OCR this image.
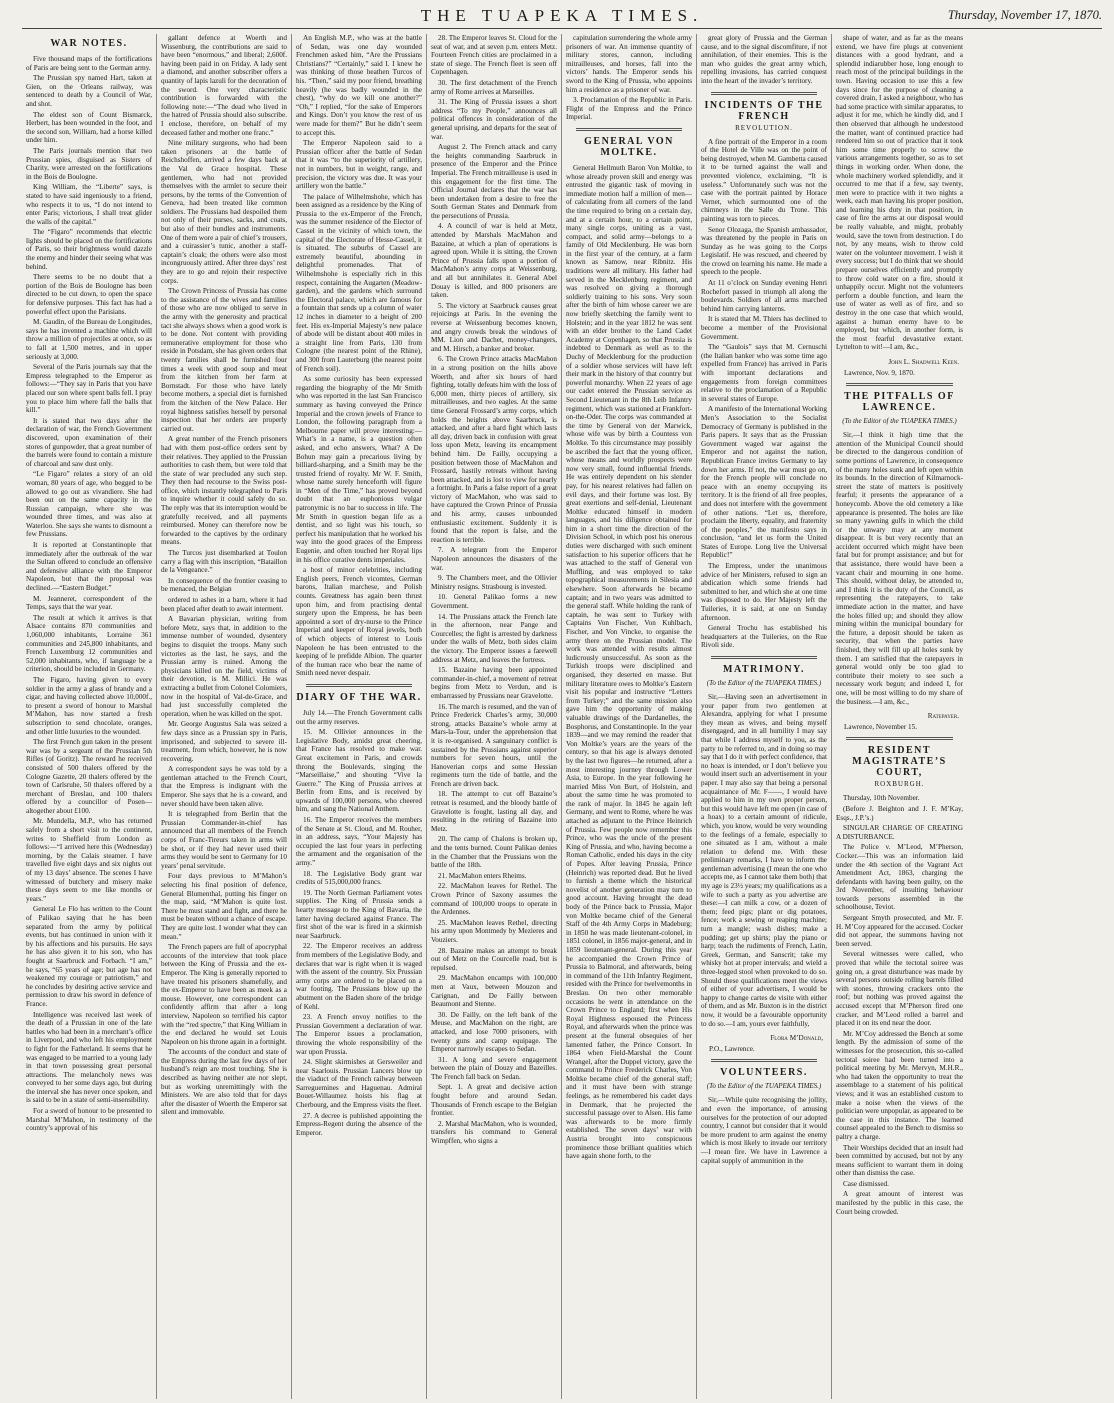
THE TUAPEKA TIMES.	Thursday, November 17, 1870.
WAR NOTES.

Five thousand maps of the fortifications of Paris are being sent to the German army.

The Prussian spy named Hart, taken at Gien, on the Orleans railway, was sentenced to death by a Council of War, and shot.

The eldest son of Count Bismarck, Herbert, has been wounded in the foot, and the second son, William, had a horse killed under him.

The Paris journals mention that two Prussian spies, disguised as Sisters of Charity, were arrested on the fortifications in the Bois de Boulogne.

King William, the “Liberte” says, is stated to have said ingeniously to a friend, who respects it to us, “I do not intend to enter Paris; victorious, I shall treat glider the walls of the capital.”

The “Figaro” recommends that electric lights should be placed on the fortifications of Paris, so their brightness would dazzle the enemy and hinder their seeing what was behind.

There seems to be no doubt that a portion of the Bois de Boulogne has been directed to be cut down, to open the space for defensive purposes. This fact has had a powerful effect upon the Parisians.

M. Gaudin, of the Bureau de Longitudes, says he has invented a machine which will throw a million of projectiles at once, so as to fall at 1,500 metres, and in upper seriously at 3,000.

Several of the Paris journals say that the Empress telegraphed to the Emperor as follows:—“They say in Paris that you have placed our son where spent balls fell. I pray you to place him where fall the balls that kill.”

It is stated that two days after the declaration of war, the French Government discovered, upon examination of their stores of gunpowder, that a great number of the barrels were found to contain a mixture of charcoal and saw dust only.

“Le Figaro” relates a story of an old woman, 80 years of age, who begged to be allowed to go out as vivandiere. She had been out on the same capacity in the Russian campaign, where she was wounded three times, and was also at Waterloo. She says she wants to dismount a few Prussians.

It is reported at Constantinople that immediately after the outbreak of the war the Sultan offered to conclude an offensive and defensive alliance with the Emperor Napoleon, but that the proposal was declined.—“Eastern Budget.”

M. Jeanneret, correspondent of the Temps, says that the war year.

The result at which it arrives is that Alsace contains 870 communities and 1,060,000 inhabitants, Lorraine 361 communities and 245,800 inhabitants, and French Luxemburg 12 communities and 52,000 inhabitants, who, if language be a criterion, should be included in Germany.

The Figaro, having given to every soldier in the army a glass of brandy and a cigar, and having collected above 10,000f., to present a sword of honour to Marshal M’Mahon, has now started a fresh subscription to send chocolate, oranges, and other little luxuries to the wounded.

The first French gun taken in the present war was by a sergeant of the Prussian 5th Rifles (of Goritz). The reward he received consisted of 500 thalers offered by the Cologne Gazette, 20 thalers offered by the town of Carlsruhe, 50 thalers offered by a merchant of Breslau, and 100 thalers offered by a councillor of Posen—altogether about £100.

Mr. Mundella, M.P., who has returned safely from a short visit to the continent, writes to Sheffield from London as follows:—“I arrived here this (Wednesday) morning, by the Calais steamer. I have travelled five eight days and six nights out of my 13 days’ absence. The scenes I have witnessed of butchery and misery make these days seem to me like months or years.”

General Le Flo has written to the Count of Palikao saying that he has been separated from the army by political events, but has continued in union with it by his affections and his pursuits. He says he has also given it to his son, who has fought at Saarbruck and Forbach. “I am,” he says, “65 years of age; but age has not weakened my courage or patriotism,” and he concludes by desiring active service and permission to draw his sword in defence of France.

Intelligence was received last week of the death of a Prussian in one of the late battles who had been in a merchant’s office in Liverpool, and who left his employment to fight for the Fatherland. It seems that he was engaged to be married to a young lady in that town possessing great personal attractions. The melancholy news was conveyed to her some days ago, but during the interval she has never once spoken, and is said to be in a state of semi-insensibility.

For a sword of honour to be presented to Marshal M’Mahon, in testimony of the country’s approval of his

gallant defence at Woerth and Wissenburg, the contributions are said to have been “enormous,” and liberal; 2,600f. having been paid in on Friday. A lady sent a diamond, and another subscriber offers a quantity of lapis lazuli for the decoration of the sword. One very characteristic contribution is forwarded with the following note:—“The dead who lived in the hatred of Prussia should also subscribe. I enclose, therefore, on behalf of my deceased father and mother one franc.”

Nine military surgeons, who had been taken prisoners at the battle of Reichshoffen, arrived a few days back at the Val de Grace hospital. These gentlemen, who had not provided themselves with the armlet to secure their persons, by the terms of the Convention of Geneva, had been treated like common soldiers. The Prussians had despoiled them not only of their purses, sacks, and coats, but also of their bundles and instruments. One of them wore a pair of chief’s trousers, and a cuirassier’s tunic, another a staff-captain’s cloak; the others were also most incongruously attired. After three days’ rest they are to go and rejoin their respective corps.

The Crown Princess of Prussia has come to the assistance of the wives and families of those who are now obliged to serve in the army with the generosity and practical tact she always shows when a good work is to be done. Not content with providing remunerative employment for those who reside in Potsdam, she has given orders that twenty families shall be furnished four times a week with good soup and meat from the kitchen from her farm at Bornstadt. For those who have lately become mothers, a special diet is furnished from the kitchen of the New Palace. Her royal highness satisfies herself by personal inspection that her orders are properly carried out.

A great number of the French prisoners had with them post-office orders sent by their relatives. They applied to the Prussian authorities to cash them, but were told that the state of war precluded any such step. They then had recourse to the Swiss post-office, which instantly telegraphed to Paris to inquire whether it could safely do so. The reply was that its interruption would be gratefully received, and all payments reimbursed. Money can therefore now be forwarded to the captives by the ordinary means.

The Turcos just disembarked at Toulon carry a flag with this inscription, “Bataillon de la Vengeance.”

In consequence of the frontier ceasing to be menaced, the Belgian

ordered to ashes in a barn, where it had been placed after death to await interment.

A Bavarian physician, writing from before Metz, says that, in addition to the immense number of wounded, dysentery begins to disquiet the troops. Many such victories as the last, he says, and the Prussian army is ruined. Among the physicians killed on the field, victims of their devotion, is M. Millici. He was extracting a bullet from Colonel Colomiers, now in the hospital of Val-de-Grace, and had just successfully completed the operation, when he was killed on the spot.

Mr. George Augustus Sala was seized a few days since as a Prussian spy in Paris, imprisoned, and subjected to severe ill-treatment, from which, however, he is now recovering.

A correspondent says he was told by a gentleman attached to the French Court, that the Empress is indignant with the Emperor. She says that he is a coward, and never should have been taken alive.

It is telegraphed from Berlin that the Prussian Commander-in-chief has announced that all members of the French corps of Franc-Tireurs taken in arms will be shot, or if they had never used their arms they would be sent to Germany for 10 years’ penal servitude.

Four days previous to M’Mahon’s selecting his final position of defence, General Blumenthal, putting his finger on the map, said, “M’Mahon is quite lost. There he must stand and fight, and there he must be beaten without a chance of escape. They are quite lost. I wonder what they can mean.”

The French papers are full of apocryphal accounts of the interview that took place between the King of Prussia and the ex-Emperor. The King is generally reported to have treated his prisoners shamefully, and the ex-Emperor to have been as meek as a mouse. However, one correspondent can confidently affirm that after a long interview, Napoleon so terrified his captor with the “red spectre,” that King William in the end declared he would set Louis Napoleon on his throne again in a fortnight.

The accounts of the conduct and state of the Empress during the last few days of her husband’s reign are most touching. She is described as having neither ate nor slept, but as working unremittingly with the Ministers. We are also told that for days after the disaster of Woerth the Emperor sat silent and immovable.

An English M.P., who was at the battle of Sedan, was one day wounded Frenchmen asked him, “Are the Prussians Christians?” “Certainly,” said I. I knew he was thinking of those heathen Turcos of his. “Then,” said my poor friend, breathing heavily (he was badly wounded in the chest), “why do we kill one another?” “Oh,” I replied, “for the sake of Emperors and Kings. Don’t you know the rest of us were made for them?” But he didn’t seem to accept this.

The Emperor Napoleon said to a Prussian officer after the battle of Sedan that it was “to the superiority of artillery, not in numbers, but in weight, range, and precision, the victory was due. It was your artillery won the battle.”

The palace of Wilhelmshohe, which has been assigned as a residence by the King of Prussia to the ex-Emperor of the French, was the summer residence of the Elector of Cassel in the vicinity of which town, the capital of the Electorate of Hesse-Cassel, it is situated. The suburbs of Cassel are extremely beautiful, abounding in delightful promenades. That of Wilhelmshohe is especially rich in this respect, containing the Augarten (Meadow-garden), and the gardens which surround the Electoral palace, which are famous for a fountain that sends up a column of water 12 inches in diameter to a height of 200 feet. His ex-Imperial Majesty’s new palace of abode will be distant about 400 miles in a straight line from Paris, 130 from Cologne (the nearest point of the Rhine), and 300 from Lauterburg (the nearest point of French soil).

As some curiosity has been expressed regarding the biography of the Mr Smith who was reported in the last San Francisco summary as having conveyed the Prince Imperial and the crown jewels of France to London, the following paragraph from a Melbourne paper will prove interesting:—What’s in a name, is a question often asked, and echo answers, What? A De Bohun may gain a precarious living by billiard-sharping, and a Smith may be the trusted friend of royalty. Mr W. F. Smith, whose name surely henceforth will figure in “Men of the Time,” has proved beyond doubt that an euphonious vulgar patronymic is no bar to success in life. The Mr Smith in question began life as a dentist, and so light was his touch, so perfect his manipulation that he worked his way into the good graces of the Empress Eugenie, and often touched her Royal lips in his office curative dents imperiales.

a host of minor celebrities, including English peers, French vicomtes, German barons, Italian marchese, and Polish counts. Greatness has again been thrust upon him, and from practising dental surgery upon the Empress, he has been appointed a sort of dry-nurse to the Prince Imperial and keeper of Royal jewels, both of which objects of interest to Louis Napoleon he has been entrusted to the keeping of le prefidde Albion. The quarter of the human race who bear the name of Smith need never despair.

DIARY OF THE WAR.

July 14.—The French Government calls out the army reserves.

15. M. Ollivier announces in the Legislative Body, amidst great cheering, that France has resolved to make war. Great excitement in Paris, and crowds throng the Boulevards, singing the “Marseillaise,” and shouting “Vive la Guerre.” The King of Prussia arrives at Berlin from Ems, and is received by upwards of 100,000 persons, who cheered him, and sang the National Anthem.

16. The Emperor receives the members of the Senate at St. Cloud, and M. Rouher, in an address, says, “Your Majesty has occupied the last four years in perfecting the armament and the organisation of the army.”

18. The Legislative Body grant war credits of 515,000,000 francs.

19. The North German Parliament votes supplies. The King of Prussia sends a hearty message to the King of Bavaria, the latter having declared against France. The first shot of the war is fired in a skirmish near Saarbruck.

22. The Emperor receives an address from members of the Legislative Body, and declares that war is right when it is waged with the assent of the country. Six Prussian army corps are ordered to be placed on a war footing. The Prussians blow up the abutment on the Baden shore of the bridge of Kehl.

23. A French envoy notifies to the Prussian Government a declaration of war. The Emperor issues a proclamation, throwing the whole responsibility of the war upon Prussia.

24. Slight skirmishes at Gersweiler and near Saarlouis. Prussian Lancers blow up the viaduct of the French railway between Sarreguemines and Haguenau. Admiral Bouet-Willaumez hoists his flag at Cherbourg, and the Empress visits the fleet.

27. A decree is published appointing the Empress-Regent during the absence of the Emperor.

28. The Emperor leaves St. Cloud for the seat of war, and at seven p.m. enters Metz. Fourteen French cities are proclaimed in a state of siege. The French fleet is seen off Copenhagen.

30. The first detachment of the French army of Rome arrives at Marseilles.

31. The King of Prussia issues a short address “To my People,” announces all political offences in consideration of the general uprising, and departs for the seat of war.

August 2. The French attack and carry the heights commanding Saarbruck in presence of the Emperor and the Prince Imperial. The French mitrailleuse is used in this engagement for the first time. The Official Journal declares that the war has been undertaken from a desire to free the South German States and Denmark from the persecutions of Prussia.

4. A council of war is held at Metz, attended by Marshals MacMahon and Bazaine, at which a plan of operations is agreed upon. While it is sitting, the Crown Prince of Prussia falls upon a portion of MacMahon’s army corps at Weissenburg, and all but annihilates it. General Abel Douay is killed, and 800 prisoners are taken.

5. The victory at Saarbruck causes great rejoicings at Paris. In the evening the reverse at Weissenburg becomes known, and angry crowds break the windows of MM. Lion and Dachet, money-changers, and M. Hirsch, a banker and broker.

6. The Crown Prince attacks MacMahon in a strong position on the hills above Woerth, and after six hours of hard fighting, totally defeats him with the loss of 6,000 men, thirty pieces of artillery, six mitrailleuses, and two eagles. At the same time General Frossard’s army corps, which holds the heights above Saarbruck, is attacked, and after a hard fight which lasts all day, driven back in confusion with great loss upon Metz, leaving its encampment behind him. De Failly, occupying a position between those of MacMahon and Frossard, hastily retreats without having been attacked, and is lost to view for nearly a fortnight. In Paris a false report of a great victory of MacMahon, who was said to have captured the Crown Prince of Prussia and his army, causes unbounded enthusiastic excitement. Suddenly it is found that the report is false, and the reaction is terrible.

7. A telegram from the Emperor Napoleon announces the disasters of the war.

9. The Chambers meet, and the Ollivier Ministry resigns. Strasbourg is invested.

10. General Palikao forms a new Government.

14. The Prussians attack the French late in the afternoon, near Pange and Courcelles; the fight is arrested by darkness under the walls of Metz, both sides claim the victory. The Emperor issues a farewell address at Metz, and leaves the fortress.

15. Bazaine having been appointed commander-in-chief, a movement of retreat begins from Metz to Verdun, and is embarrassed by Prussians near Gravelotte.

16. The march is resumed, and the van of Prince Frederick Charles’s army, 30,000 strong, attacks Bazaine’s whole army at Mars-la-Tour, under the apprehension that it is re-organised. A sanguinary conflict is sustained by the Prussians against superior numbers for seven hours, until the Hanoverian corps and some Hessian regiments turn the tide of battle, and the French are driven back.

18. The attempt to cut off Bazaine’s retreat is resumed, and the bloody battle of Gravelotte is fought, lasting all day, and resulting in the retiring of Bazaine into Metz.

20. The camp of Chalons is broken up, and the tents burned. Count Palikao denies in the Chamber that the Prussians won the battle of the 18th.

21. MacMahon enters Rheims.

22. MacMahon leaves for Rethel. The Crown Prince of Saxony assumes the command of 100,000 troops to operate in the Ardennes.

25. MacMahon leaves Rethel, directing his army upon Montmedy by Mezieres and Vouziers.

28. Bazaine makes an attempt to break out of Metz on the Courcelle road, but is repulsed.

29. MacMahon encamps with 100,000 men at Vaux, between Mouzon and Carignan, and De Failly between Beaumont and Stenne.

30. De Failly, on the left bank of the Meuse, and MacMahon on the right, are attacked, and lose 7000 prisoners, with twenty guns and camp equipage. The Emperor narrowly escapes to Sedan.

31. A long and severe engagement between the plain of Douzy and Bazeilles. The French fall back on Sedan.

Sept. 1. A great and decisive action fought before and around Sedan. Thousands of French escape to the Belgian frontier.

2. Marshal MacMahon, who is wounded, transfers his command to General Wimpffen, who signs a

capitulation surrendering the whole army prisoners of war. An immense quantity of military stores, cannon, including mitrailleuses, and horses, fall into the victors’ hands. The Emperor sends his sword to the King of Prussia, who appoints him a residence as a prisoner of war.

3. Proclamation of the Republic in Paris. Flight of the Empress and the Prince Imperial.

GENERAL VON MOLTKE.

General Hellmuth Baron Von Moltke, to whose already proven skill and energy was entrusted the gigantic task of moving in immediate motion half a million of men—of calculating from all corners of the land the time required to bring on a certain day, and at a certain hour, to a certain point, many single corps, uniting as a vast, compact, and solid army—belongs to a family of Old Mecklenburg. He was born in the first year of the century, at a farm known as Samow, near Ribnitz. His traditions were all military. His father had served in the Mecklenburg regiment, and was resolved on giving a thorough soldierly training to his sons. Very soon after the birth of him whose career we are now briefly sketching the family went to Holstein; and in the year 1812 he was sent with an elder brother to the Land Cadet Academy at Copenhagen, so that Prussia is indebted to Denmark as well as to the Duchy of Mecklenburg for the production of a soldier whose services will have left their mark in the history of that country but powerful monarchy. When 22 years of age our cadet entered the Prussian service as Second Lieutenant in the 8th Leib Infantry regiment, which was stationed at Frankfort-on-the-Oder. The corps was commanded at the time by General von der Marwick, whose wife was by birth a Countess von Moltke. To this circumstance may possibly be ascribed the fact that the young officer, whose means and worldly prospects were now very small, found influential friends. He was entirely dependent on his slender pay, for his nearest relatives had fallen on evil days, and their fortune was lost. By great exertions and self-denial, Lieutenant Moltke educated himself in modern languages, and his diligence obtained for him in a short time the direction of the Division School, in which post his onerous duties were discharged with such eminent satisfaction to his superior officers that he was attached to the staff of General von Muffling, and was employed to take topographical measurements in Silesia and elsewhere. Soon afterwards he became captain; and in two years was admitted to the general staff. While holding the rank of captain, he was sent to Turkey with Captains Von Fischer, Von Kuhlbach, Fischer, and Von Vincke, to organise the army there on the Prussian model. The work was attended with results almost ludicrously unsuccessful. As soon as the Turkish troops were disciplined and organised, they deserted en masse. But military literature owes to Moltke’s Eastern visit his popular and instructive “Letters from Turkey;” and the same mission also gave him the opportunity of making valuable drawings of the Dardanelles, the Bosphorus, and Constantinople. In the year 1839—and we may remind the reader that Von Moltke’s years are the years of the century, so that his age is always denoted by the last two figures—he returned, after a most interesting journey through Lower Asia, to Europe. In the year following he married Miss Von Burt, of Holstein, and about the same time he was promoted to the rank of major. In 1845 he again left Germany, and went to Rome, where he was attached as adjutant to the Prince Heinrich of Prussia. Few people now remember this Prince, who was the uncle of the present King of Prussia, and who, having become a Roman Catholic, ended his days in the city of Popes. After leaving Prussia, Prince (Heinrich) was reported dead. But he lived to furnish a theme which the historical novelist of another generation may turn to good account. Having brought the dead body of the Prince back to Prussia, Major von Moltke became chief of the General Staff of the 4th Army Corps in Madeburg; in 1850 he was made lieutenant-colonel, in 1851 colonel, in 1856 major-general, and in 1859 lieutenant-general. During this year he accompanied the Crown Prince of Prussia to Balmoral, and afterwards, being in command of the 11th Infantry Regiment, resided with the Prince for twelvemonths in Breslau. On two other memorable occasions he went in attendance on the Crown Prince to England; first when His Royal Highness espoused the Princess Royal, and afterwards when the prince was present at the funeral obsequies of her lamented father, the Prince Consort. In 1864 when Field-Marshal the Count Wrangel, after the Duppel victory, gave the command to Prince Frederick Charles, Von Moltke became chief of the general staff; and it must have been with strange feelings, as he remembered his cadet days in Denmark, that he projected the successful passage over to Alsen. His fame was afterwards to be more firmly established. The seven days’ war with Austria brought into conspicuous prominence those brilliant qualities which have again shone forth, to the

great glory of Prussia and the German cause, and to the signal discomfiture, if not annihilation, of their enemies. This is the man who guides the great army which, repelling invasions, has carried conquest into the heart of the invader’s territory.

INCIDENTS OF THE FRENCH
REVOLUTION.

A fine portrait of the Emperor in a room of the Hotel de Ville was on the point of being destroyed, when M. Gambetta caused it to be turned against the wall and prevented violence, exclaiming, “It is useless.” Unfortunately such was not the case with the portrait painted by Horace Vernet, which surmounted one of the chimneys in the Salle du Trone. This painting was torn to pieces.

Senor Olozaga, the Spanish ambassador, was threatened by the people in Paris on Sunday as he was going to the Corps Legislatif. He was rescued, and cheered by the crowd on learning his name. He made a speech to the people.

At 11 o’clock on Sunday evening Henri Rochefort passed in triumph all along the boulevards. Soldiers of all arms marched behind him carrying lanterns.

It is stated that M. Thiers has declined to become a member of the Provisional Government.

The “Gaulois” says that M. Cernuschi (the Italian banker who was some time ago expelled from France) has arrived in Paris with important declarations and engagements from foreign committees relative to the proclamation of a Republic in several states of Europe.

A manifesto of the International Working Men’s Association to the Socialist Democracy of Germany is published in the Paris papers. It says that as the Prussian Government waged war against the Emperor and not against the nation, Republican France invites Germany to lay down her arms. If not, the war must go on, for the French people will conclude no peace with an enemy occupying its territory. It is the friend of all free peoples, and does not interfere with the government of other nations. “Let us, therefore, proclaim the liberty, equality, and fraternity of the peoples,” the manifesto says in conclusion, “and let us form the United States of Europe. Long live the Universal Republic!”

The Empress, under the unanimous advice of her Ministers, refused to sign an abdication which some friends had submitted to her, and which she at one time was disposed to do. Her Majesty left the Tuileries, it is said, at one on Sunday afternoon.

General Trochu has established his headquarters at the Tuileries, on the Rue Rivoli side.

MATRIMONY.
(To the Editor of the TUAPEKA TIMES.)

Sir,—Having seen an advertisement in your paper from two gentlemen at Alexandra, applying for what I presume they mean as wives, and being myself disengaged, and in all humility I may say that while I address myself to you, as the party to be referred to, and in doing so may say that I do it with perfect confidence, that no hoax is intended, or I don’t believe you would insert such an advertisement in your paper. I may also say that being a personal acquaintance of Mr. F——, I would have applied to him in my own proper person, but this would have left me open (in case of a hoax) to a certain amount of ridicule, which, you know, would be very wounding to the feelings of a female, especially to one situated as I am, without a male relation to defend me. With these preliminary remarks, I have to inform the gentleman advertising (I mean the one who accepts me, as I cannot take them both) that my age is 23½ years; my qualifications as a wife to such a party as you advertise are these:—I can milk a cow, or a dozen of them; feed pigs; plant or dig potatoes, fence; work a sewing or reaping machine; turn a mangle; wash dishes; make a pudding; get up shirts; play the piano or harp; teach the rudiments of French, Latin, Greek, German, and Sanscrit; take my whisky hot at proper intervals; and wield a three-legged stool when provoked to do so. Should these qualifications meet the views of either of your advertisers, I would be happy to change cartes de visite with either of them, and as Mr. Buxton is in the district now, it would be a favourable opportunity to do so.—I am, yours ever faithfully,

Flora M’Donald,
P.O., Lawrence.
VOLUNTEERS.
(To the Editor of the TUAPEKA TIMES.)

Sir,—While quite recognising the jollity, and even the importance, of amusing ourselves for the protection of our adopted country, I cannot but consider that it would be more prudent to arm against the enemy which is most likely to invade our territory—I mean fire. We have in Lawrence a capital supply of ammunition in the

shape of water, and as far as the means extend, we have fire plugs at convenient distances with a good hydrant, and a splendid indiarubber hose, long enough to reach most of the principal buildings in the town. Having occasion to use this a few days since for the purpose of cleaning a covered drain, I asked a neighbour, who has had some practice with similar apparatus, to adjust it for me, which he kindly did, and I then observed that although he understood the matter, want of continued practice had rendered him so out of practice that it took him some time properly to screw the various arrangements together, so as to set things in working order. When done, the whole machinery worked splendidly, and it occurred to me that if a few, say twenty, men were to practice with it two nights a week, each man having his proper position, and learning his duty in that position, in case of fire the arms at our disposal would be really valuable, and might, probably would, save the town from destruction. I do not, by any means, wish to throw cold water on the volunteer movement. I wish it every success; but I do think that we should prepare ourselves efficiently and promptly to throw cold water on a fire, should it unhappily occur. Might not the volunteers perform a double function, and learn the use of water as well as of fire, and so destroy in the one case that which would, against a human enemy have to be employed, but which, in another form, is the most fearful devastative extant. Lyttelton to wit!—I am, &c.,

John L. Shadwell Keen.
Lawrence, Nov. 9, 1870.
THE PITFALLS OF LAWRENCE.
(To the Editor of the TUAPEKA TIMES.)

Sir,—I think it high time that the attention of the Municipal Council should be directed to the dangerous condition of some portions of Lawrence, in consequence of the many holes sunk and left open within its bounds. In the direction of Kilmarnock-street the state of matters is positively fearful; it presents the appearance of a honeycomb. Above the old cemetery a like appearance is presented. The holes are like so many yawning gulfs in which the child or the unwary may at any moment disappear. It is but very recently that an accident occurred which might have been fatal but for prompt assistance; and but for that assistance, there would have been a vacant chair and mourning in one home. This should, without delay, be attended to, and I think it is the duty of the Council, as representing the ratepayers, to take immediate action in the matter, and have the holes filled up; and should they allow mining within the municipal boundary for the future, a deposit should be taken as security, that when the parties have finished, they will fill up all holes sunk by them. I am satisfied that the ratepayers in general would only be too glad to contribute their moiety to see such a necessary work begun; and indeed I, for one, will be most willing to do my share of the business.—I am, &c.,

Ratepayer.
Lawrence, November 15.
RESIDENT MAGISTRATE’S COURT,
ROXBURGH.

Thursday, 10th November.

(Before J. Beighton and J. F. M’Kay, Esqs., J.P.’s.)

SINGULAR CHARGE OF CREATING A DISTURBANCE.

The Police v. M’Leod, M’Pherson, Cocker.—This was an information laid under the 4th section of the Vagrant Act Amendment Act, 1863, charging the defendants with having been guilty, on the 3rd November, of insulting behaviour towards persons assembled in the schoolhouse, Teviot.

Sergeant Smyth prosecuted, and Mr. F. H. M’Coy appeared for the accused. Cocker did not appear, the summons having not been served.

Several witnesses were called, who proved that while the tectotal soiree was going on, a great disturbance was made by several persons outside rolling barrels filled with stones, throwing crackers onto the roof; but nothing was proved against the accused except that M’Pherson fired one cracker, and M’Leod rolled a barrel and placed it on its end near the door.

Mr. M’Coy addressed the Bench at some length. By the admission of some of the witnesses for the prosecution, this so-called tectotal soiree had been turned into a political meeting by Mr. Mervyn, M.H.R., who had taken the opportunity to treat the assemblage to a statement of his political views; and it was an established custom to make a noise when the views of the politician were unpopular, as appeared to be the case in this instance. The learned counsel appealed to the Bench to dismiss so paltry a charge.

Their Worships decided that an insult had been committed by accused, but not by any means sufficient to warrant them in doing other than dismiss the case.

Case dismissed.

A great amount of interest was manifested by the public in this case, the Court being crowded.
